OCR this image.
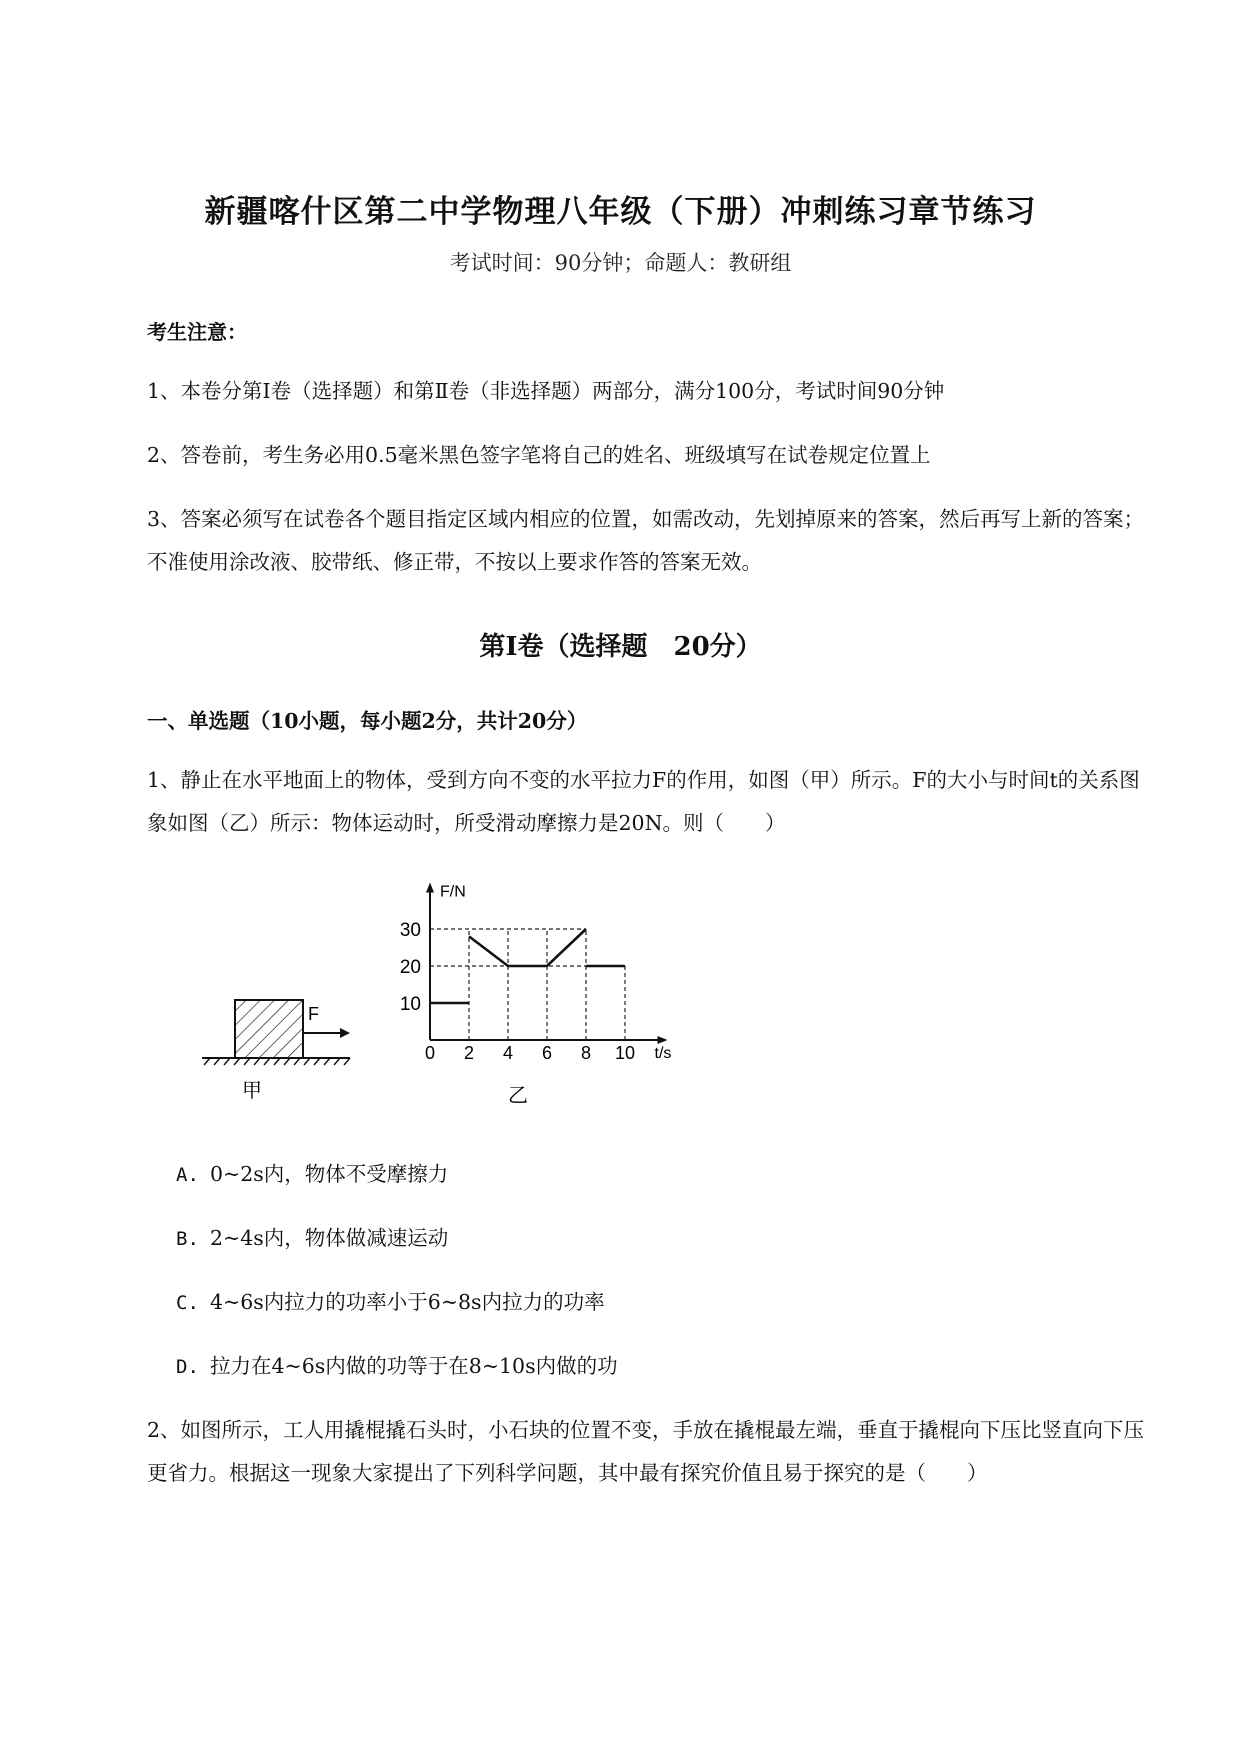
新疆喀什区第二中学物理八年级（下册）冲刺练习章节练习
考试时间：90分钟；命题人：教研组
考生注意：
1、本卷分第Ⅰ卷（选择题）和第Ⅱ卷（非选择题）两部分，满分100分，考试时间90分钟
2、答卷前，考生务必用0.5毫米黑色签字笔将自己的姓名、班级填写在试卷规定位置上
3、答案必须写在试卷各个题目指定区域内相应的位置，如需改动，先划掉原来的答案，然后再写上新的答案；不准使用涂改液、胶带纸、修正带，不按以上要求作答的答案无效。
第Ⅰ卷（选择题　20分）
一、单选题（10小题，每小题2分，共计20分）
1、静止在水平地面上的物体，受到方向不变的水平拉力F的作用，如图（甲）所示。F的大小与时间t的关系图象如图（乙）所示：物体运动时，所受滑动摩擦力是20N。则（　　）
F
甲
0 2 4 6 8 10
10
20
30
F/N
t/s
乙
A. 0~2s内，物体不受摩擦力
B. 2~4s内，物体做减速运动
C. 4~6s内拉力的功率小于6~8s内拉力的功率
D. 拉力在4~6s内做的功等于在8~10s内做的功
2、如图所示，工人用撬棍撬石头时，小石块的位置不变，手放在撬棍最左端，垂直于撬棍向下压比竖直向下压更省力。根据这一现象大家提出了下列科学问题，其中最有探究价值且易于探究的是（　　）
